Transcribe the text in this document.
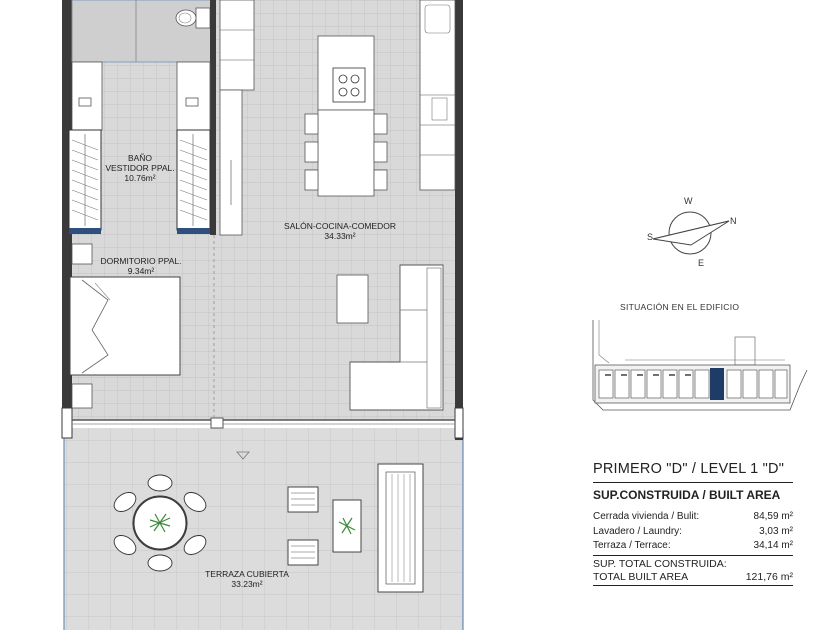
BAÑO
VESTIDOR PPAL.
10.76m²
SALÓN-COCINA-COMEDOR
34.33m²
DORMITORIO PPAL.
9.34m²
TERRAZA CUBIERTA
33.23m²
W
N
S
E
SITUACIÓN EN EL EDIFICIO
PRIMERO "D" / LEVEL 1 "D"
SUP.CONSTRUIDA / BUILT AREA
Cerrada vivienda / Bulit:	84,59 m²
Lavadero / Laundry:	3,03 m²
Terraza / Terrace:	34,14 m²
SUP. TOTAL CONSTRUIDA:
TOTAL BUILT AREA	121,76 m²
